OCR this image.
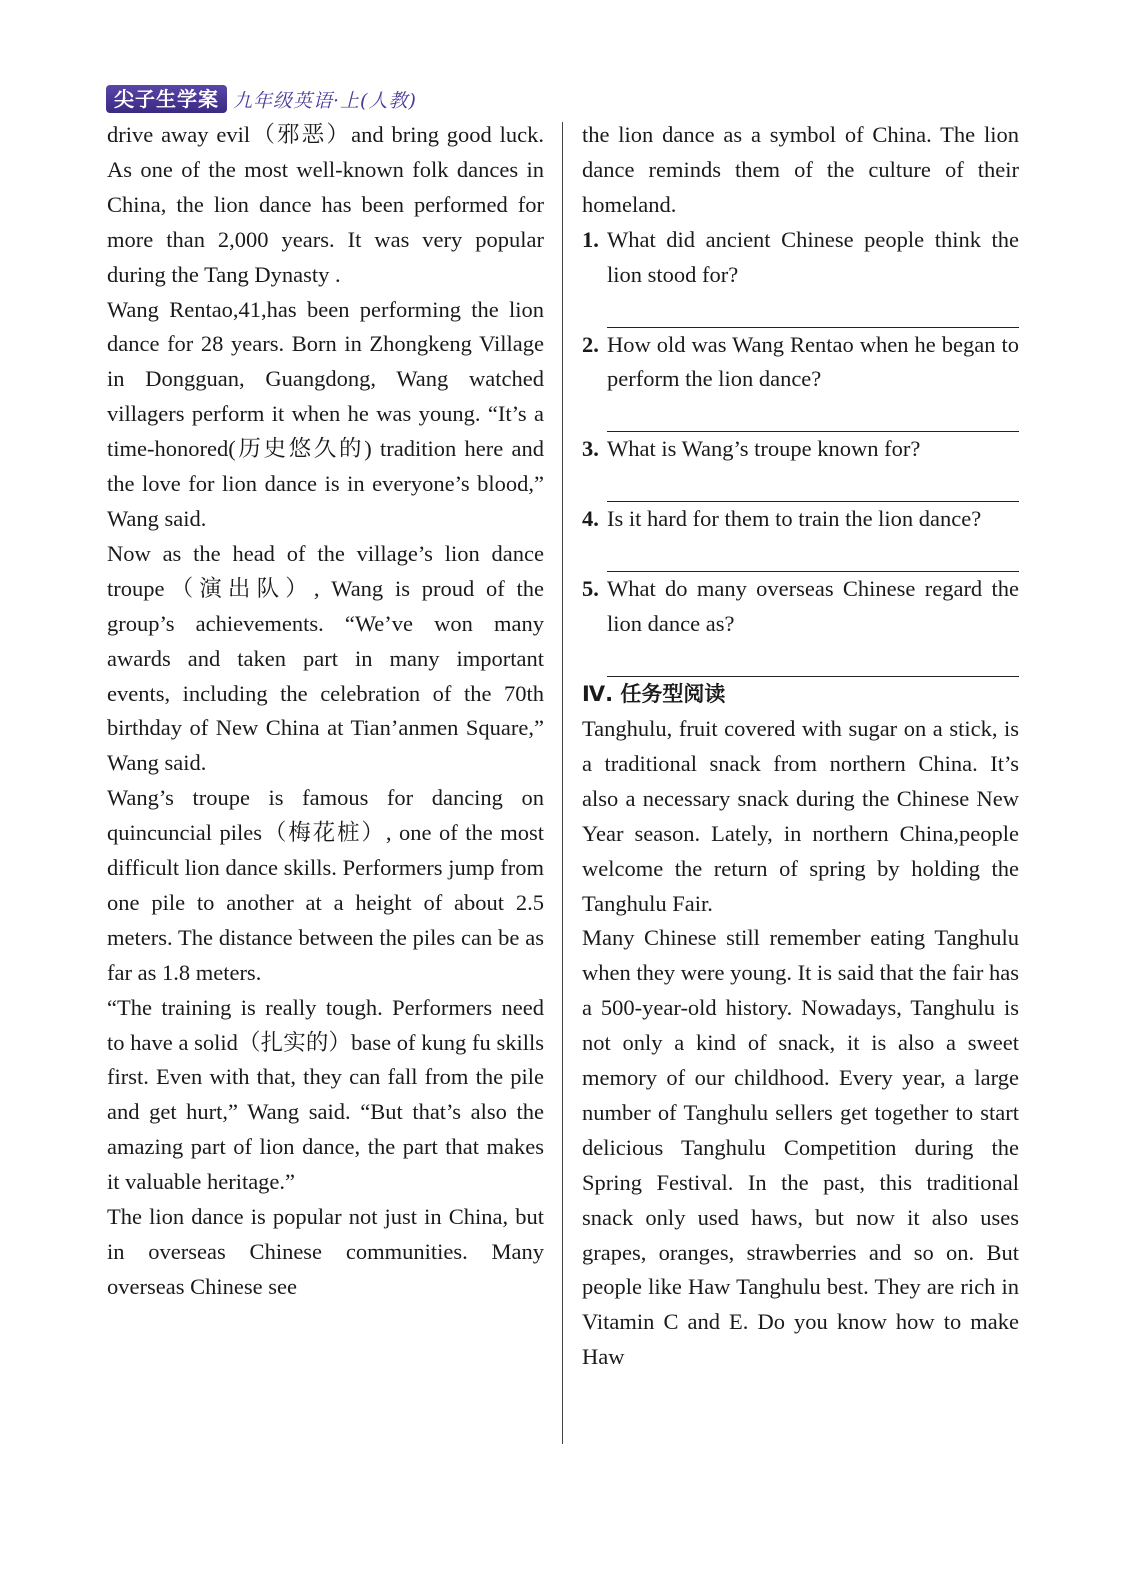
尖子生学案 九年级英语·上(人教)

drive away evil（邪恶）and bring good luck. As one of the most well-known folk dances in China, the lion dance has been performed for more than 2,000 years. It was very popular during the Tang Dynasty .

Wang Rentao,41,has been performing the lion dance for 28 years. Born in Zhongkeng Village in Dongguan, Guangdong, Wang watched villagers perform it when he was young. “It’s a time-honored(历史悠久的) tradition here and the love for lion dance is in everyone’s blood,” Wang said.

Now as the head of the village’s lion dance troupe（演出队）, Wang is proud of the group’s achievements. “We’ve won many awards and taken part in many important events, including the celebration of the 70th birthday of New China at Tian’anmen Square,” Wang said.

Wang’s troupe is famous for dancing on quincuncial piles（梅花桩）, one of the most difficult lion dance skills. Performers jump from one pile to another at a height of about 2.5 meters. The distance between the piles can be as far as 1.8 meters.

“The training is really tough. Performers need to have a solid（扎实的）base of kung fu skills first. Even with that, they can fall from the pile and get hurt,” Wang said. “But that’s also the amazing part of lion dance, the part that makes it valuable heritage.”

The lion dance is popular not just in China, but in overseas Chinese communities. Many overseas Chinese see

the lion dance as a symbol of China. The lion dance reminds them of the culture of their homeland.

1. What did ancient Chinese people think the lion stood for?
2. How old was Wang Rentao when he began to perform the lion dance?
3. What is Wang’s troupe known for?
4. Is it hard for them to train the lion dance?
5. What do many overseas Chinese regard the lion dance as?
Ⅳ. 任务型阅读

Tanghulu, fruit covered with sugar on a stick, is a traditional snack from northern China. It’s also a necessary snack during the Chinese New Year season. Lately, in northern China,people welcome the return of spring by holding the Tanghulu Fair.

Many Chinese still remember eating Tanghulu when they were young. It is said that the fair has a 500-year-old history. Nowadays, Tanghulu is not only a kind of snack, it is also a sweet memory of our childhood. Every year, a large number of Tanghulu sellers get together to start delicious Tanghulu Competition during the Spring Festival. In the past, this traditional snack only used haws, but now it also uses grapes, oranges, strawberries and so on. But people like Haw Tanghulu best. They are rich in Vitamin C and E. Do you know how to make Haw
